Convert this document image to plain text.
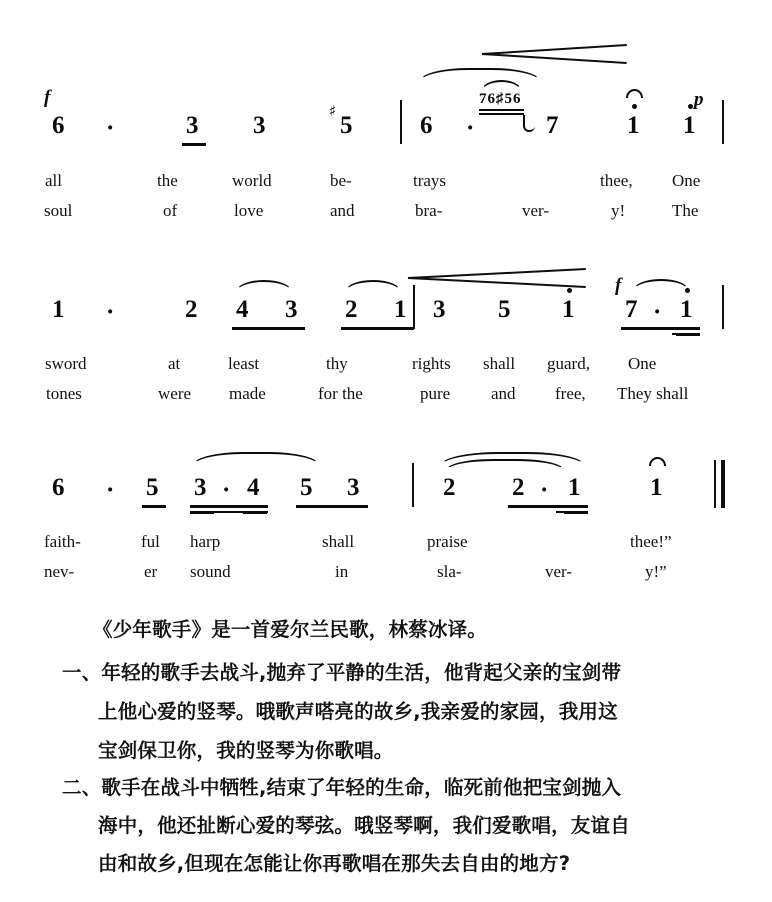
f	p
76♯56
6 ·	3 3	5
♯
6 ·	7	1 1
all	the	world	be-	trays	thee, One
soul	of	love	and	bra-	ver-	y!	The
f
1 ·	2 4 3 2 1 3 5 1 7 · 1
sword	at	least	thy	rights shall guard, One
tones	were made	for the	pure and free, They shall
6 · 5 3 · 4 5 3	2 2 · 1	1
faith-	ful harp	shall	praise	thee!”
nev-	er sound	in	sla-	ver-	y!”
《少年歌手》是一首爱尔兰民歌，林蔡冰译。
一、年轻的歌手去战斗,抛弃了平静的生活，他背起父亲的宝剑带
上他心爱的竖琴。哦歌声嗒亮的故乡,我亲爱的家园，我用这
宝剑保卫你，我的竖琴为你歌唱。
二、歌手在战斗中牺牲,结束了年轻的生命，临死前他把宝剑抛入
海中，他还扯断心爱的琴弦。哦竖琴啊，我们爱歌唱，友谊自
由和故乡,但现在怎能让你再歌唱在那失去自由的地方?
